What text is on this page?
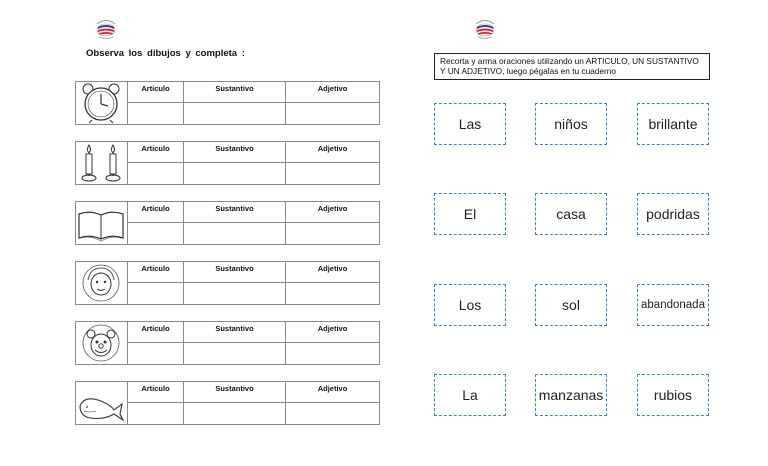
Observa los dibujos y completa :
Articulo	Sustantivo	Adjetivo
Articulo	Sustantivo	Adjetivo
Articulo	Sustantivo	Adjetivo
Articulo	Sustantivo	Adjetivo
Articulo	Sustantivo	Adjetivo
Articulo	Sustantivo	Adjetivo
Recorta y arma oraciones utilizando un ARTICULO, UN SUSTANTIVO Y UN ADJETIVO, luego pégalas en tu cuaderno
Las	niños	brillante
El	casa	podridas
Los	sol	abandonada
La	manzanas	rubios
